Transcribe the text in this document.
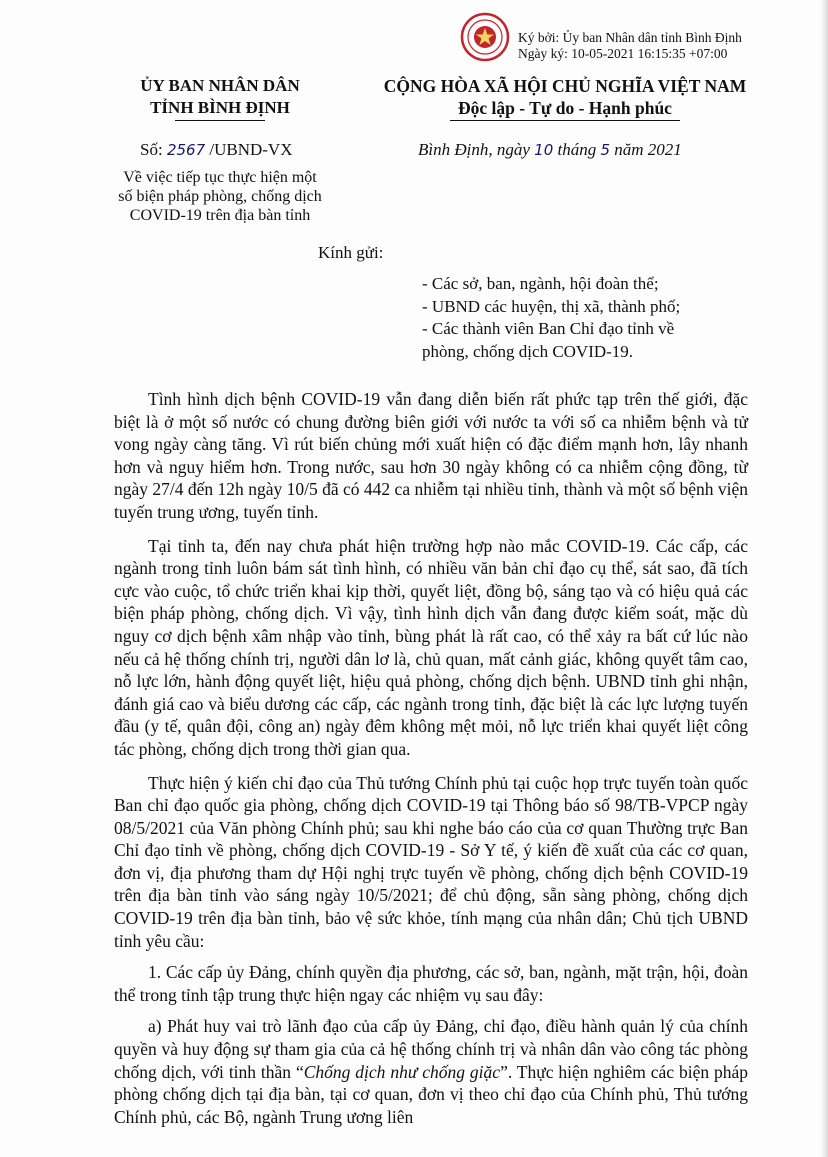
Ký bởi: Ủy ban Nhân dân tỉnh Bình Định
Ngày ký: 10-05-2021 16:15:35 +07:00
ỦY BAN NHÂN DÂN
TỈNH BÌNH ĐỊNH
CỘNG HÒA XÃ HỘI CHỦ NGHĨA VIỆT NAM
Độc lập - Tự do - Hạnh phúc
Số: 2567 /UBND-VX	Bình Định, ngày 10 tháng 5 năm 2021
Về việc tiếp tục thực hiện một
số biện pháp phòng, chống dịch
COVID-19 trên địa bàn tỉnh
Kính gửi:
- Các sở, ban, ngành, hội đoàn thể;
- UBND các huyện, thị xã, thành phố;
- Các thành viên Ban Chỉ đạo tỉnh về
phòng, chống dịch COVID-19.

Tình hình dịch bệnh COVID-19 vẫn đang diễn biến rất phức tạp trên thế giới, đặc biệt là ở một số nước có chung đường biên giới với nước ta với số ca nhiễm bệnh và tử vong ngày càng tăng. Vì rút biến chủng mới xuất hiện có đặc điểm mạnh hơn, lây nhanh hơn và nguy hiểm hơn. Trong nước, sau hơn 30 ngày không có ca nhiễm cộng đồng, từ ngày 27/4 đến 12h ngày 10/5 đã có 442 ca nhiễm tại nhiều tỉnh, thành và một số bệnh viện tuyến trung ương, tuyến tỉnh.

Tại tỉnh ta, đến nay chưa phát hiện trường hợp nào mắc COVID-19. Các cấp, các ngành trong tỉnh luôn bám sát tình hình, có nhiều văn bản chỉ đạo cụ thể, sát sao, đã tích cực vào cuộc, tổ chức triển khai kịp thời, quyết liệt, đồng bộ, sáng tạo và có hiệu quả các biện pháp phòng, chống dịch. Vì vậy, tình hình dịch vẫn đang được kiểm soát, mặc dù nguy cơ dịch bệnh xâm nhập vào tỉnh, bùng phát là rất cao, có thể xảy ra bất cứ lúc nào nếu cả hệ thống chính trị, người dân lơ là, chủ quan, mất cảnh giác, không quyết tâm cao, nỗ lực lớn, hành động quyết liệt, hiệu quả phòng, chống dịch bệnh. UBND tỉnh ghi nhận, đánh giá cao và biểu dương các cấp, các ngành trong tỉnh, đặc biệt là các lực lượng tuyến đầu (y tế, quân đội, công an) ngày đêm không mệt mỏi, nỗ lực triển khai quyết liệt công tác phòng, chống dịch trong thời gian qua.

Thực hiện ý kiến chỉ đạo của Thủ tướng Chính phủ tại cuộc họp trực tuyến toàn quốc Ban chỉ đạo quốc gia phòng, chống dịch COVID-19 tại Thông báo số 98/TB-VPCP ngày 08/5/2021 của Văn phòng Chính phủ; sau khi nghe báo cáo của cơ quan Thường trực Ban Chỉ đạo tỉnh về phòng, chống dịch COVID-19 - Sở Y tế, ý kiến đề xuất của các cơ quan, đơn vị, địa phương tham dự Hội nghị trực tuyến về phòng, chống dịch bệnh COVID-19 trên địa bàn tỉnh vào sáng ngày 10/5/2021; để chủ động, sẵn sàng phòng, chống dịch COVID-19 trên địa bàn tỉnh, bảo vệ sức khỏe, tính mạng của nhân dân; Chủ tịch UBND tỉnh yêu cầu:

1. Các cấp ủy Đảng, chính quyền địa phương, các sở, ban, ngành, mặt trận, hội, đoàn thể trong tỉnh tập trung thực hiện ngay các nhiệm vụ sau đây:

a) Phát huy vai trò lãnh đạo của cấp ủy Đảng, chỉ đạo, điều hành quản lý của chính quyền và huy động sự tham gia của cả hệ thống chính trị và nhân dân vào công tác phòng chống dịch, với tinh thần “Chống dịch như chống giặc”. Thực hiện nghiêm các biện pháp phòng chống dịch tại địa bàn, tại cơ quan, đơn vị theo chỉ đạo của Chính phủ, Thủ tướng Chính phủ, các Bộ, ngành Trung ương liên
